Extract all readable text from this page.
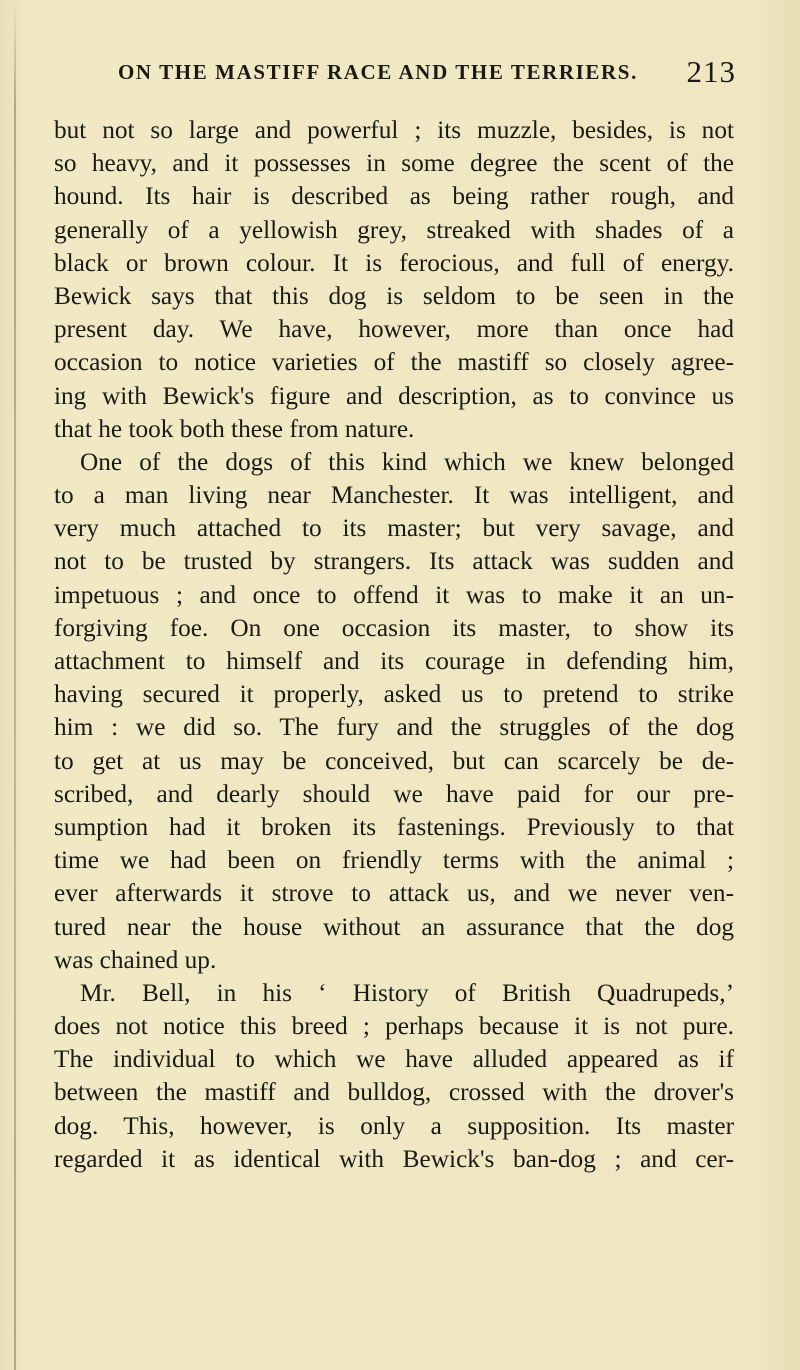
ON THE MASTIFF RACE AND THE TERRIERS. 213
but not so large and powerful ; its muzzle, besides, is not
so heavy, and it possesses in some degree the scent of the
hound. Its hair is described as being rather rough, and
generally of a yellowish grey, streaked with shades of a
black or brown colour. It is ferocious, and full of energy.
Bewick says that this dog is seldom to be seen in the
present day. We have, however, more than once had
occasion to notice varieties of the mastiff so closely agree-
ing with Bewick's figure and description, as to convince us
that he took both these from nature.
One of the dogs of this kind which we knew belonged
to a man living near Manchester. It was intelligent, and
very much attached to its master; but very savage, and
not to be trusted by strangers. Its attack was sudden and
impetuous ; and once to offend it was to make it an un-
forgiving foe. On one occasion its master, to show its
attachment to himself and its courage in defending him,
having secured it properly, asked us to pretend to strike
him : we did so. The fury and the struggles of the dog
to get at us may be conceived, but can scarcely be de-
scribed, and dearly should we have paid for our pre-
sumption had it broken its fastenings. Previously to that
time we had been on friendly terms with the animal ;
ever afterwards it strove to attack us, and we never ven-
tured near the house without an assurance that the dog
was chained up.
Mr. Bell, in his ‘ History of British Quadrupeds,’
does not notice this breed ; perhaps because it is not pure.
The individual to which we have alluded appeared as if
between the mastiff and bulldog, crossed with the drover's
dog. This, however, is only a supposition. Its master
regarded it as identical with Bewick's ban-dog ; and cer-
